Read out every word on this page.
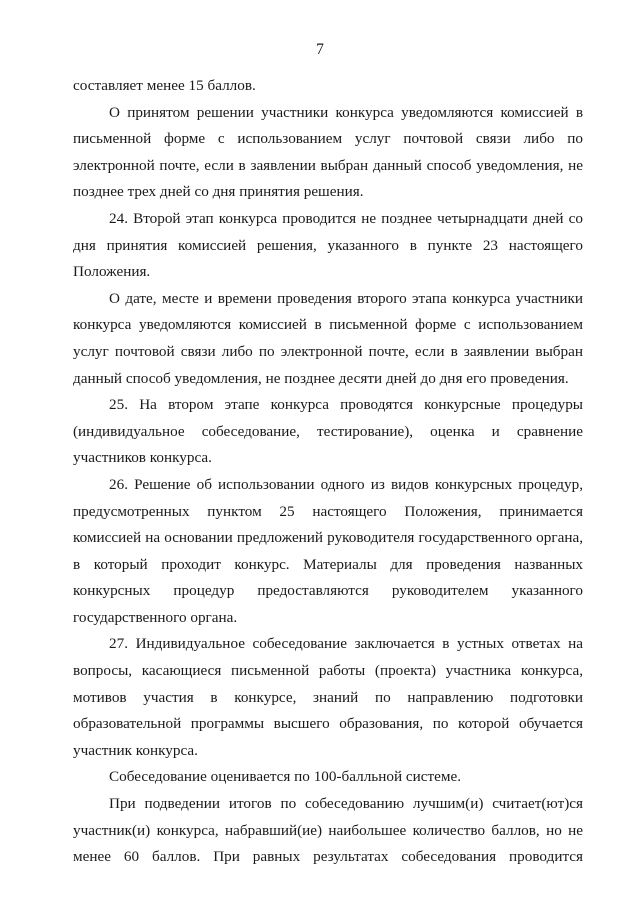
7

составляет менее 15 баллов.

О принятом решении участники конкурса уведомляются комиссией в письменной форме с использованием услуг почтовой связи либо по электронной почте, если в заявлении выбран данный способ уведомления, не позднее трех дней со дня принятия решения.

24. Второй этап конкурса проводится не позднее четырнадцати дней со дня принятия комиссией решения, указанного в пункте 23 настоящего Положения.

О дате, месте и времени проведения второго этапа конкурса участники конкурса уведомляются комиссией в письменной форме с использованием услуг почтовой связи либо по электронной почте, если в заявлении выбран данный способ уведомления, не позднее десяти дней до дня его проведения.

25. На втором этапе конкурса проводятся конкурсные процедуры (индивидуальное собеседование, тестирование), оценка и сравнение участников конкурса.

26. Решение об использовании одного из видов конкурсных процедур, предусмотренных пунктом 25 настоящего Положения, принимается комиссией на основании предложений руководителя государственного органа, в который проходит конкурс. Материалы для проведения названных конкурсных процедур предоставляются руководителем указанного государственного органа.

27. Индивидуальное собеседование заключается в устных ответах на вопросы, касающиеся письменной работы (проекта) участника конкурса, мотивов участия в конкурсе, знаний по направлению подготовки образовательной программы высшего образования, по которой обучается участник конкурса.

Собеседование оценивается по 100-балльной системе.

При подведении итогов по собеседованию лучшим(и) считает(ют)ся участник(и) конкурса, набравший(ие) наибольшее количество баллов, но не менее 60 баллов. При равных результатах собеседования проводится
